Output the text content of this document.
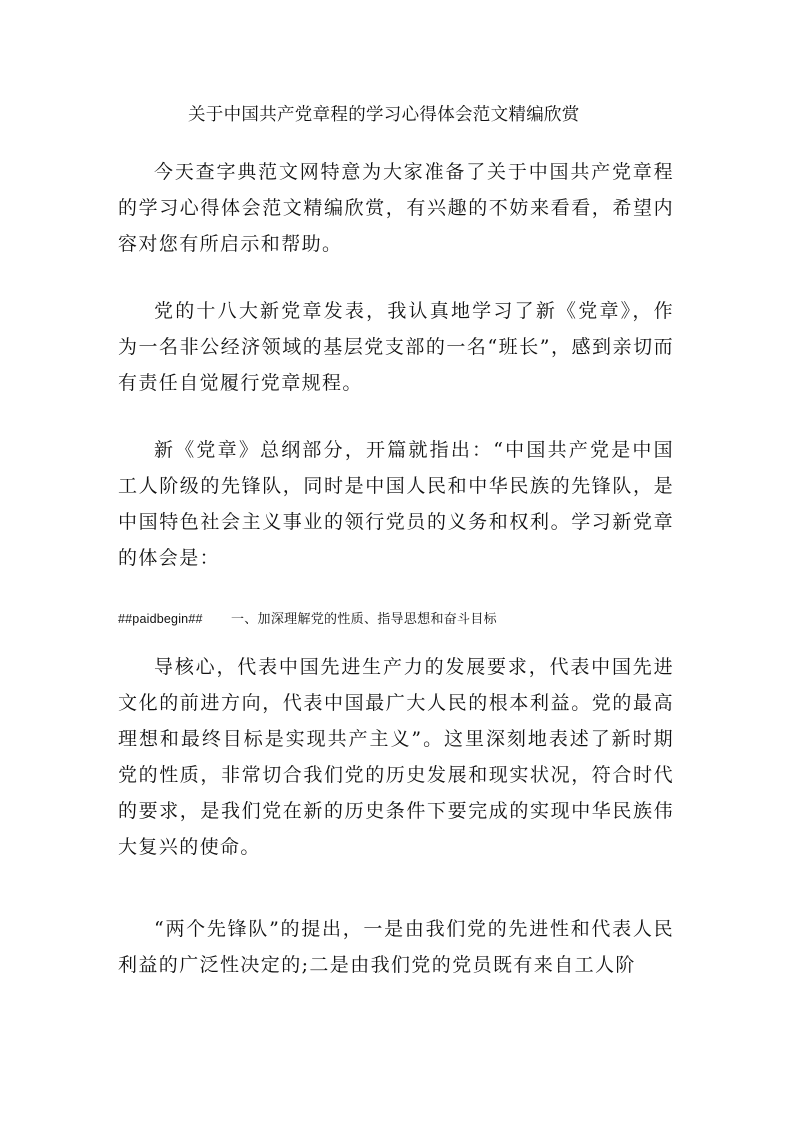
关于中国共产党章程的学习心得体会范文精编欣赏

今天查字典范文网特意为大家准备了关于中国共产党章程的学习心得体会范文精编欣赏，有兴趣的不妨来看看，希望内容对您有所启示和帮助。

党的十八大新党章发表，我认真地学习了新《党章》，作为一名非公经济领域的基层党支部的一名“班长”，感到亲切而有责任自觉履行党章规程。

新《党章》总纲部分，开篇就指出：“中国共产党是中国工人阶级的先锋队，同时是中国人民和中华民族的先锋队，是中国特色社会主义事业的领行党员的义务和权利。学习新党章的体会是：

##paidbegin## 一、加深理解党的性质、指导思想和奋斗目标

导核心，代表中国先进生产力的发展要求，代表中国先进文化的前进方向，代表中国最广大人民的根本利益。党的最高理想和最终目标是实现共产主义”。这里深刻地表述了新时期党的性质，非常切合我们党的历史发展和现实状况，符合时代的要求，是我们党在新的历史条件下要完成的实现中华民族伟大复兴的使命。

“两个先锋队”的提出，一是由我们党的先进性和代表人民利益的广泛性决定的;二是由我们党的党员既有来自工人阶
